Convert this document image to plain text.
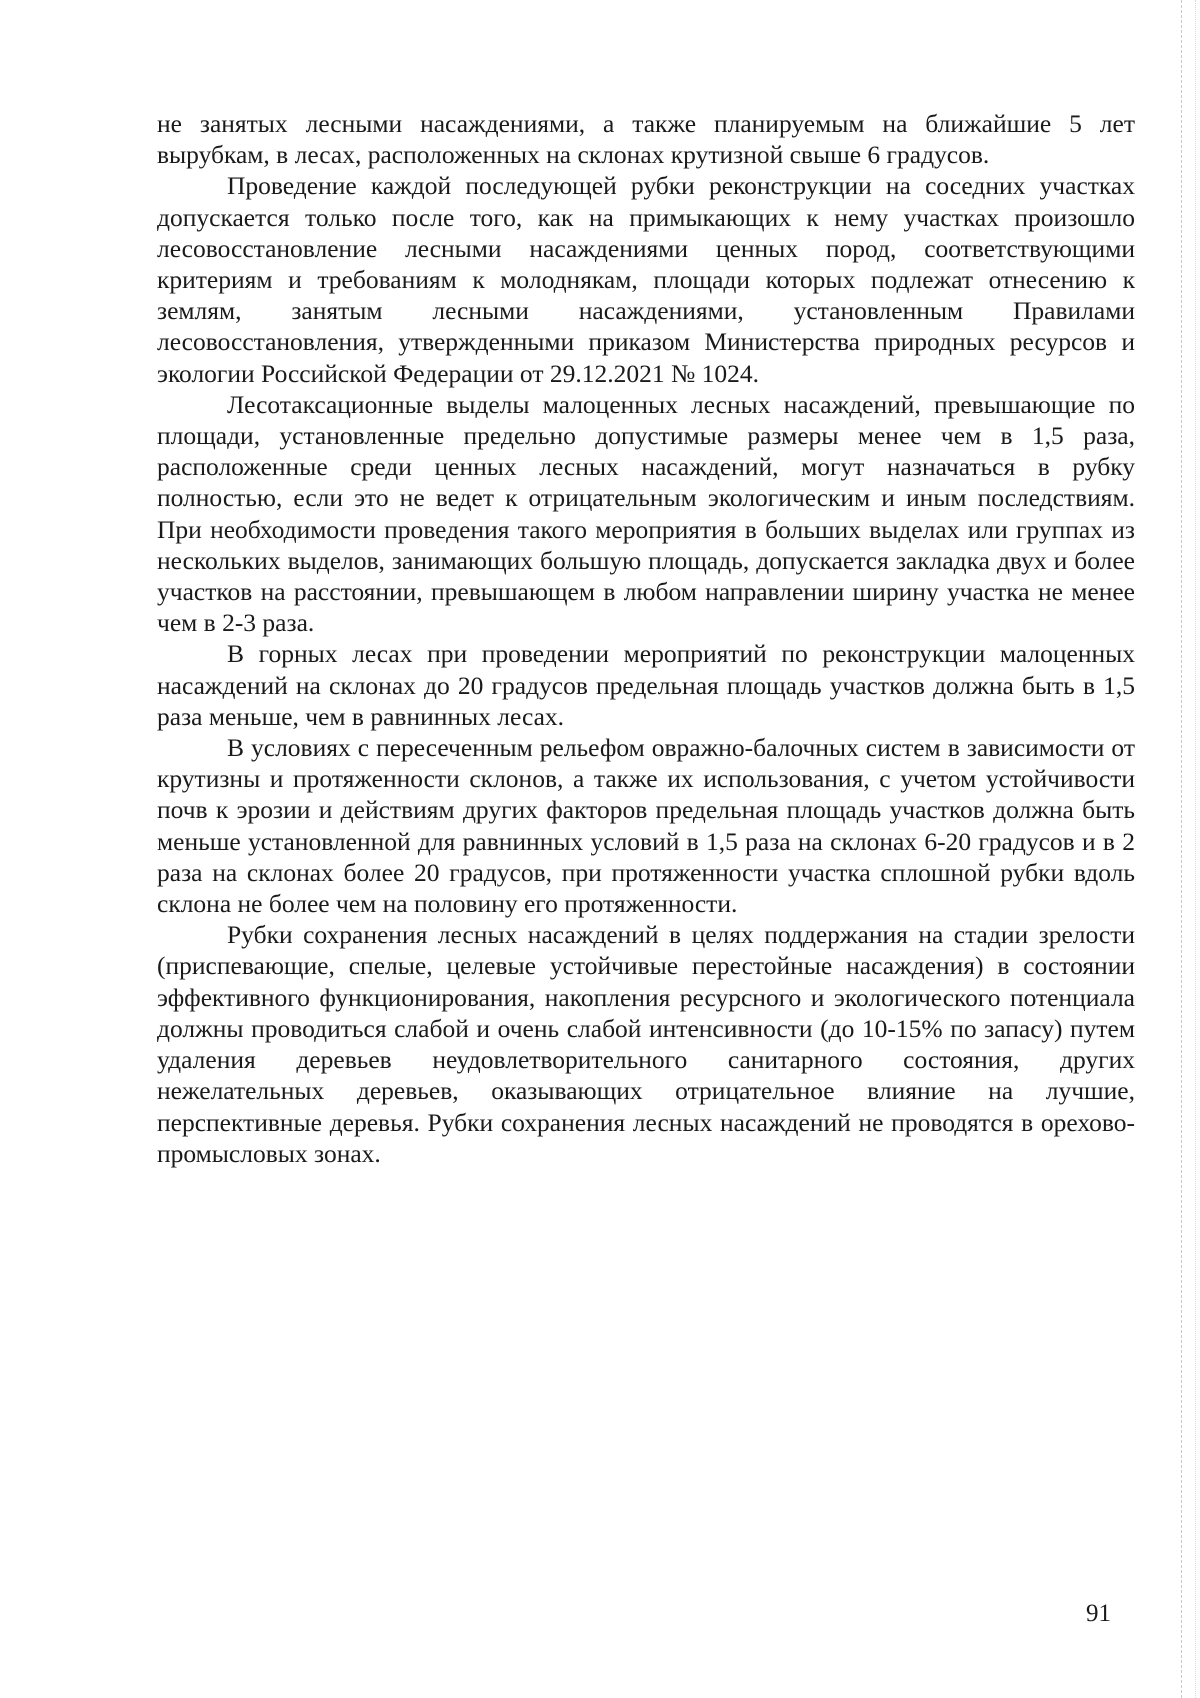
не занятых лесными насаждениями, а также планируемым на ближайшие 5 лет вырубкам, в лесах, расположенных на склонах крутизной свыше 6 градусов.

Проведение каждой последующей рубки реконструкции на соседних участках допускается только после того, как на примыкающих к нему участках произошло лесовосстановление лесными насаждениями ценных пород, соответствующими критериям и требованиям к молоднякам, площади которых подлежат отнесению к землям, занятым лесными насаждениями, установленным Правилами лесовосстановления, утвержденными приказом Министерства природных ресурсов и экологии Российской Федерации от 29.12.2021 № 1024.

Лесотаксационные выделы малоценных лесных насаждений, превышающие по площади, установленные предельно допустимые размеры менее чем в 1,5 раза, расположенные среди ценных лесных насаждений, могут назначаться в рубку полностью, если это не ведет к отрицательным экологическим и иным последствиям. При необходимости проведения такого мероприятия в больших выделах или группах из нескольких выделов, занимающих большую площадь, допускается закладка двух и более участков на расстоянии, превышающем в любом направлении ширину участка не менее чем в 2-3 раза.

В горных лесах при проведении мероприятий по реконструкции малоценных насаждений на склонах до 20 градусов предельная площадь участков должна быть в 1,5 раза меньше, чем в равнинных лесах.

В условиях с пересеченным рельефом овражно-балочных систем в зависимости от крутизны и протяженности склонов, а также их использования, с учетом устойчивости почв к эрозии и действиям других факторов предельная площадь участков должна быть меньше установленной для равнинных условий в 1,5 раза на склонах 6-20 градусов и в 2 раза на склонах более 20 градусов, при протяженности участка сплошной рубки вдоль склона не более чем на половину его протяженности.

Рубки сохранения лесных насаждений в целях поддержания на стадии зрелости (приспевающие, спелые, целевые устойчивые перестойные насаждения) в состоянии эффективного функционирования, накопления ресурсного и экологического потенциала должны проводиться слабой и очень слабой интенсивности (до 10-15% по запасу) путем удаления деревьев неудовлетворительного санитарного состояния, других нежелательных деревьев, оказывающих отрицательное влияние на лучшие, перспективные деревья. Рубки сохранения лесных насаждений не проводятся в орехово-промысловых зонах.

91
